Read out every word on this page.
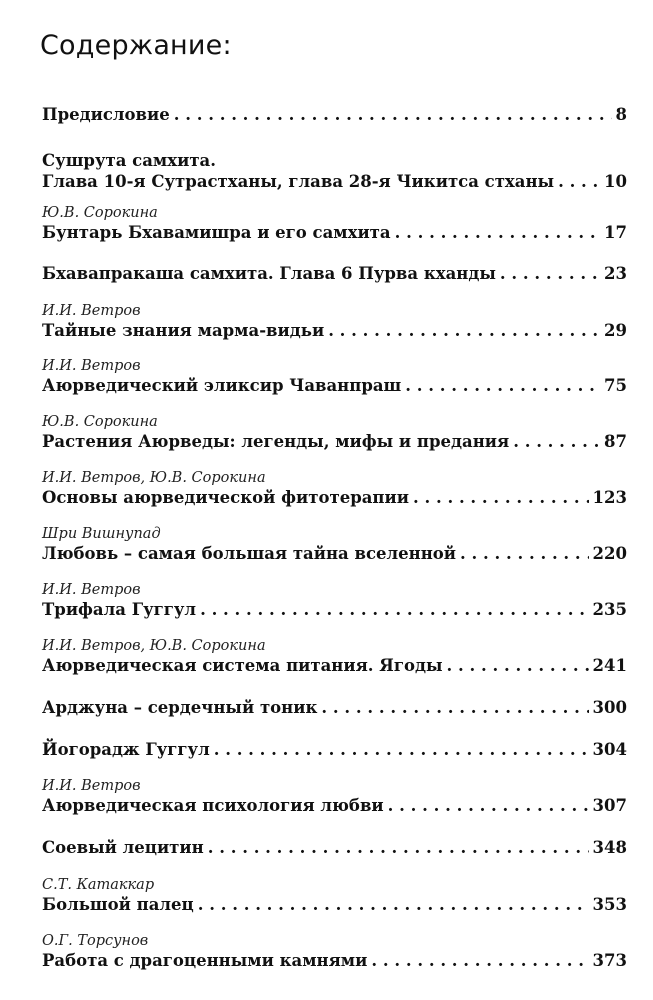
Содержание:
Предисловие . . .	8
Сушрута самхита.
Глава 10-я Сутрастханы, глава 28-я Чикитса стханы . . .	10
Ю.В. Сорокина
Бунтарь Бхавамишра и его самхита . . .	17
Бхавапракаша самхита. Глава 6 Пурва кханды . . .	23
И.И. Ветров
Тайные знания марма-видьи . . .	29
И.И. Ветров
Аюрведический эликсир Чаванпраш . . .	75
Ю.В. Сорокина
Растения Аюрведы: легенды, мифы и предания . . .	87
И.И. Ветров, Ю.В. Сорокина
Основы аюрведической фитотерапии . . .	123
Шри Вишнупад
Любовь – самая большая тайна вселенной . . .	220
И.И. Ветров
Трифала Гуггул . . .	235
И.И. Ветров, Ю.В. Сорокина
Аюрведическая система питания. Ягоды . . .	241
Арджуна – сердечный тоник . . .	300
Йогорадж Гуггул . . .	304
И.И. Ветров
Аюрведическая психология любви . . .	307
Соевый лецитин . . .	348
С.Т. Катаккар
Большой палец . . .	353
О.Г. Торсунов
Работа с драгоценными камнями . . .	373
